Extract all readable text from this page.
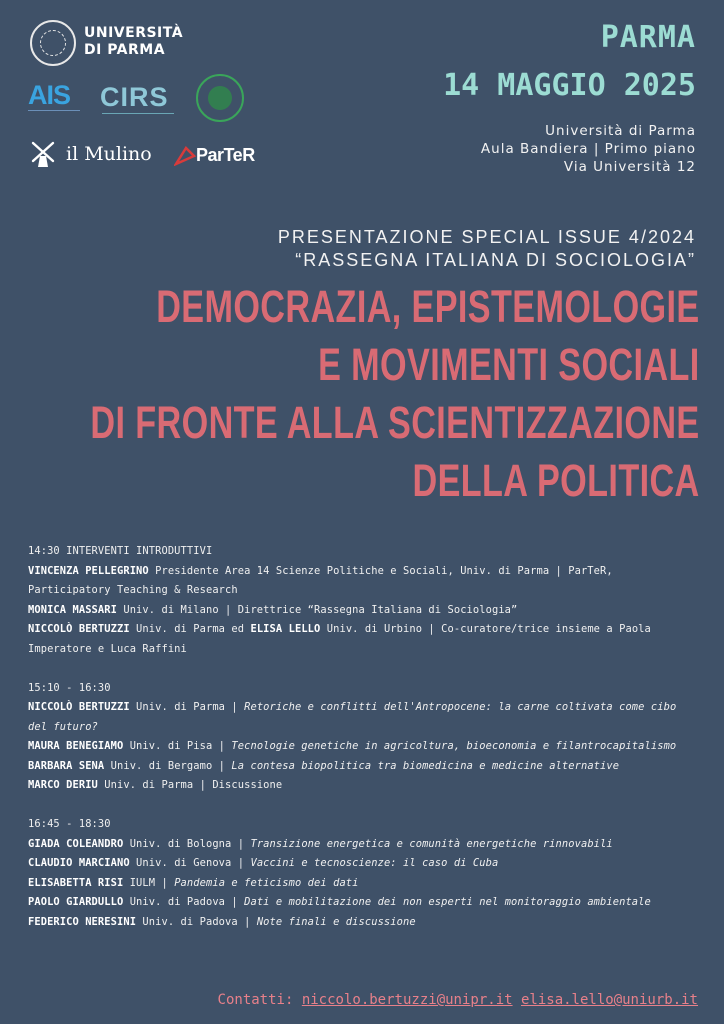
UNIVERSITÀ
DI PARMA
AIS CIRS
il Mulino ParTeR
PARMA
14 MAGGIO 2025
Università di Parma
Aula Bandiera | Primo piano
Via Università 12
PRESENTAZIONE SPECIAL ISSUE 4/2024
“RASSEGNA ITALIANA DI SOCIOLOGIA”
DEMOCRAZIA, EPISTEMOLOGIE
E MOVIMENTI SOCIALI
DI FRONTE ALLA SCIENTIZZAZIONE
DELLA POLITICA
14:30 INTERVENTI INTRODUTTIVI
VINCENZA PELLEGRINO Presidente Area 14 Scienze Politiche e Sociali, Univ. di Parma | ParTeR, Participatory Teaching & Research
MONICA MASSARI Univ. di Milano | Direttrice “Rassegna Italiana di Sociologia”
NICCOLÒ BERTUZZI Univ. di Parma ed ELISA LELLO Univ. di Urbino | Co-curatore/trice insieme a Paola Imperatore e Luca Raffini
15:10 - 16:30
NICCOLÒ BERTUZZI Univ. di Parma | Retoriche e conflitti dell'Antropocene: la carne coltivata come cibo del futuro?
MAURA BENEGIAMO Univ. di Pisa | Tecnologie genetiche in agricoltura, bioeconomia e filantrocapitalismo
BARBARA SENA Univ. di Bergamo | La contesa biopolitica tra biomedicina e medicine alternative
MARCO DERIU Univ. di Parma | Discussione
16:45 - 18:30
GIADA COLEANDRO Univ. di Bologna | Transizione energetica e comunità energetiche rinnovabili
CLAUDIO MARCIANO Univ. di Genova | Vaccini e tecnoscienze: il caso di Cuba
ELISABETTA RISI IULM | Pandemia e feticismo dei dati
PAOLO GIARDULLO Univ. di Padova | Dati e mobilitazione dei non esperti nel monitoraggio ambientale
FEDERICO NERESINI Univ. di Padova | Note finali e discussione
Contatti: niccolo.bertuzzi@unipr.it elisa.lello@uniurb.it
